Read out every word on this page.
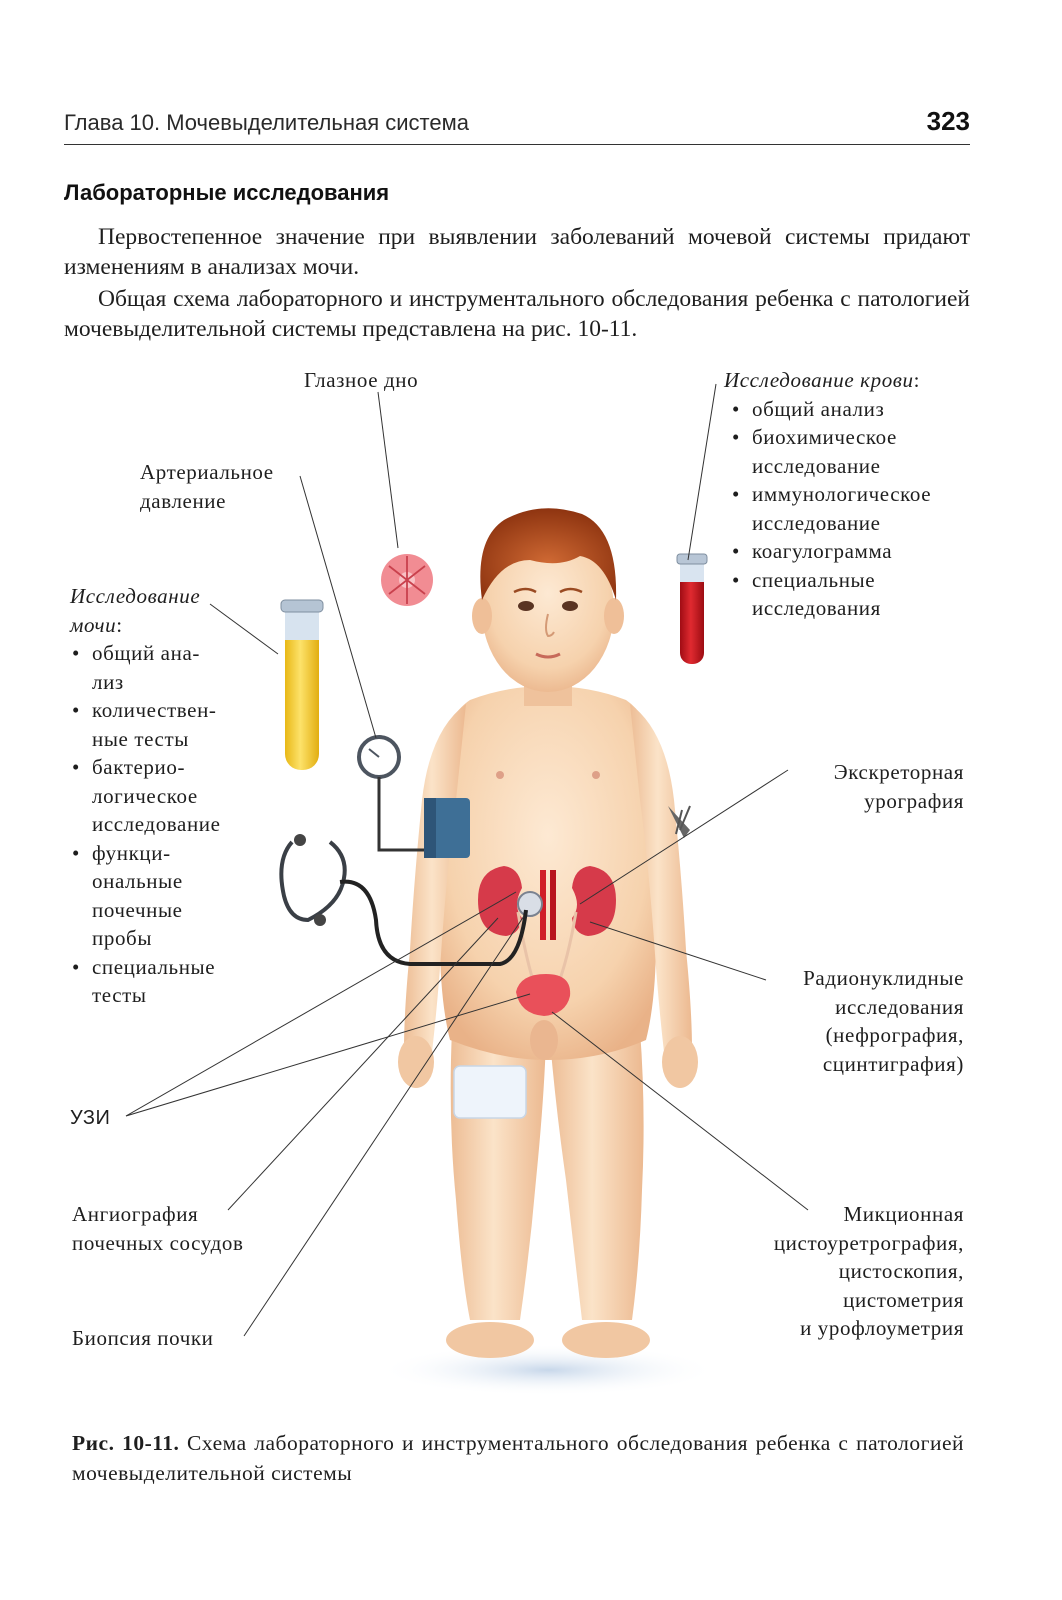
Глава 10. Мочевыделительная система	323
Лабораторные исследования

Первостепенное значение при выявлении заболеваний мочевой системы придают изменениям в анализах мочи.

Общая схема лабораторного и инструментального обследования ребенка с патологией мочевыделительной системы представлена на рис. 10-11.

Глазное дно
Артериальное
давление
Исследование крови:
• общий анализ
• биохимическое
исследование
• иммунологическое
исследование
• коагулограмма
• специальные
исследования
Исследование
мочи:
• общий ана-
лиз
• количествен-
ные тесты
• бактерио-
логическое
исследование
• функци-
ональные
почечные
пробы
• специальные
тесты
Экскреторная
урография
Радионуклидные
исследования
(нефрография,
сцинтиграфия)
УЗИ
Ангиография
почечных сосудов
Биопсия почки
Микционная
цистоуретрография,
цистоскопия,
цистометрия
и урофлоуметрия

Рис. 10-11. Схема лабораторного и инструментального обследования ребенка с патологией мочевыделительной системы
